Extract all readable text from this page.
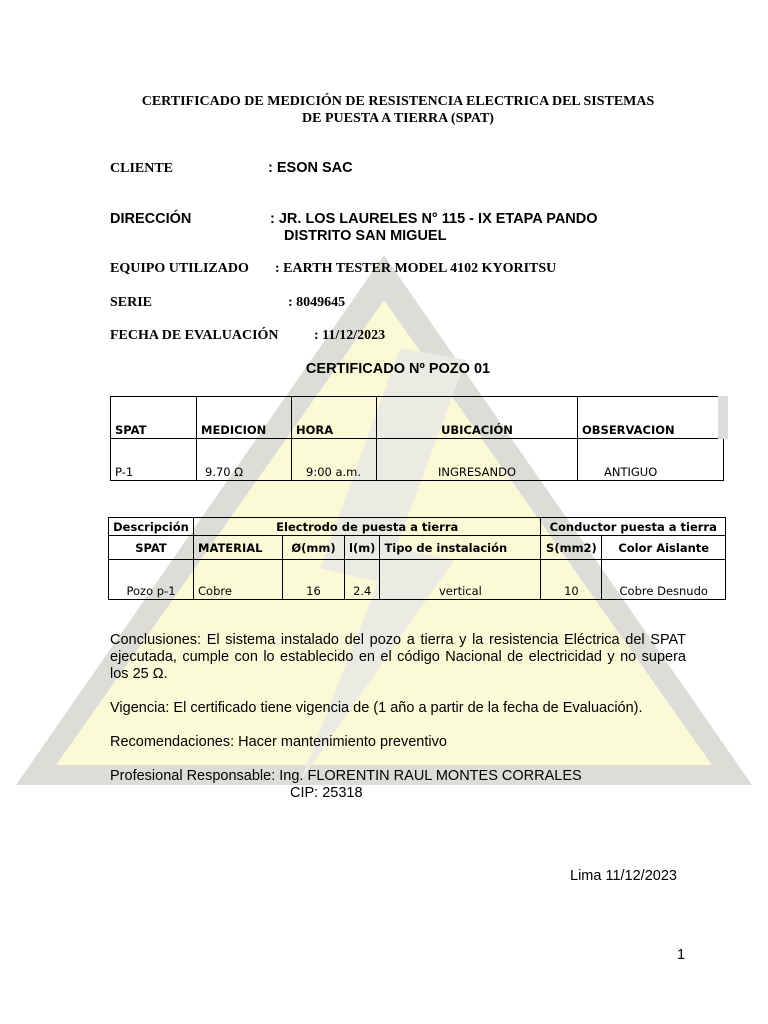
CERTIFICADO DE MEDICIÓN DE RESISTENCIA ELECTRICA DEL SISTEMAS
DE PUESTA A TIERRA (SPAT)
CLIENTE	: ESON SAC
DIRECCIÓN	: JR. LOS LAURELES N° 115 - IX ETAPA PANDO
DISTRITO SAN MIGUEL
EQUIPO UTILIZADO : EARTH TESTER MODEL 4102 KYORITSU
SERIE	: 8049645
FECHA DE EVALUACIÓN	: 11/12/2023
CERTIFICADO Nº POZO 01
SPAT	MEDICION	HORA	UBICACIÓN	OBSERVACION
P-1	9.70 Ω	9:00 a.m.	INGRESANDO	ANTIGUO
Descripción	Electrodo de puesta a tierra				Conductor puesta a tierra	
SPAT	MATERIAL	Ø(mm)	l(m)	Tipo de instalación	S(mm2)	Color Aislante
Pozo p-1	Cobre	16	2.4	vertical	10	Cobre Desnudo
Conclusiones: El sistema instalado del pozo a tierra y la resistencia Eléctrica del SPAT ejecutada, cumple con lo establecido en el código Nacional de electricidad y no supera los 25 Ω.
Vigencia: El certificado tiene vigencia de (1 año a partir de la fecha de Evaluación).
Recomendaciones: Hacer mantenimiento preventivo
Profesional Responsable: Ing. FLORENTIN RAUL MONTES CORRALES
CIP: 25318
Lima 11/12/2023
1
